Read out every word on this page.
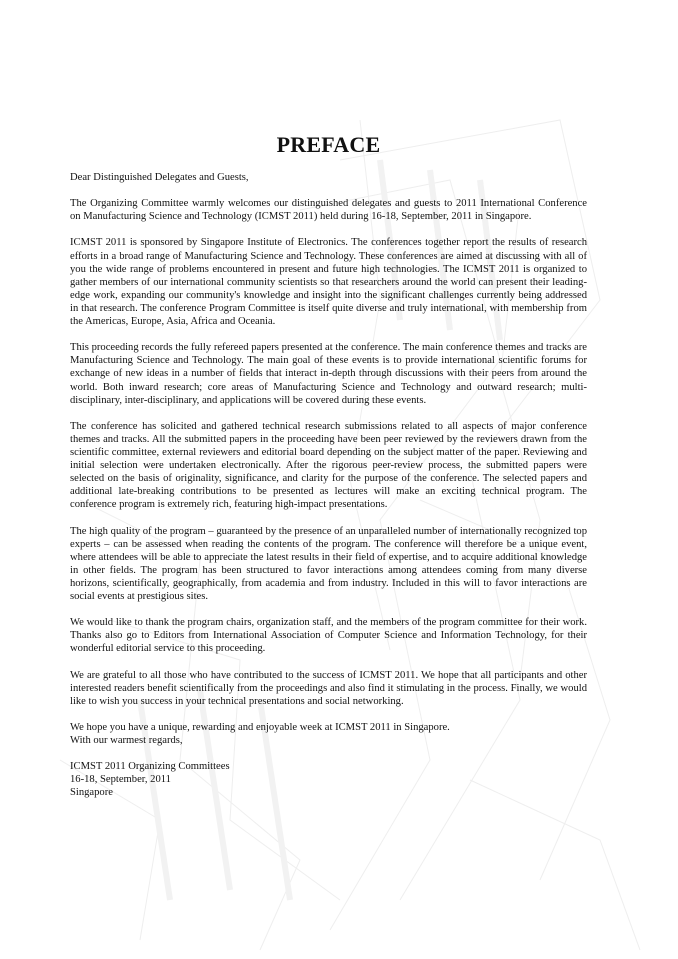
PREFACE

Dear Distinguished Delegates and Guests,

The Organizing Committee warmly welcomes our distinguished delegates and guests to 2011 International Conference on Manufacturing Science and Technology (ICMST 2011) held during 16-18, September, 2011 in Singapore.

ICMST 2011 is sponsored by Singapore Institute of Electronics. The conferences together report the results of research efforts in a broad range of Manufacturing Science and Technology. These conferences are aimed at discussing with all of you the wide range of problems encountered in present and future high technologies. The ICMST 2011 is organized to gather members of our international community scientists so that researchers around the world can present their leading-edge work, expanding our community's knowledge and insight into the significant challenges currently being addressed in that research. The conference Program Committee is itself quite diverse and truly international, with membership from the Americas, Europe, Asia, Africa and Oceania.

This proceeding records the fully refereed papers presented at the conference. The main conference themes and tracks are Manufacturing Science and Technology. The main goal of these events is to provide international scientific forums for exchange of new ideas in a number of fields that interact in-depth through discussions with their peers from around the world. Both inward research; core areas of Manufacturing Science and Technology and outward research; multi-disciplinary, inter-disciplinary, and applications will be covered during these events.

The conference has solicited and gathered technical research submissions related to all aspects of major conference themes and tracks. All the submitted papers in the proceeding have been peer reviewed by the reviewers drawn from the scientific committee, external reviewers and editorial board depending on the subject matter of the paper. Reviewing and initial selection were undertaken electronically. After the rigorous peer-review process, the submitted papers were selected on the basis of originality, significance, and clarity for the purpose of the conference. The selected papers and additional late-breaking contributions to be presented as lectures will make an exciting technical program. The conference program is extremely rich, featuring high-impact presentations.

The high quality of the program – guaranteed by the presence of an unparalleled number of internationally recognized top experts – can be assessed when reading the contents of the program. The conference will therefore be a unique event, where attendees will be able to appreciate the latest results in their field of expertise, and to acquire additional knowledge in other fields. The program has been structured to favor interactions among attendees coming from many diverse horizons, scientifically, geographically, from academia and from industry. Included in this will to favor interactions are social events at prestigious sites.

We would like to thank the program chairs, organization staff, and the members of the program committee for their work. Thanks also go to Editors from International Association of Computer Science and Information Technology, for their wonderful editorial service to this proceeding.

We are grateful to all those who have contributed to the success of ICMST 2011. We hope that all participants and other interested readers benefit scientifically from the proceedings and also find it stimulating in the process. Finally, we would like to wish you success in your technical presentations and social networking.

We hope you have a unique, rewarding and enjoyable week at ICMST 2011 in Singapore.

With our warmest regards,

ICMST 2011 Organizing Committees

16-18, September, 2011

Singapore
